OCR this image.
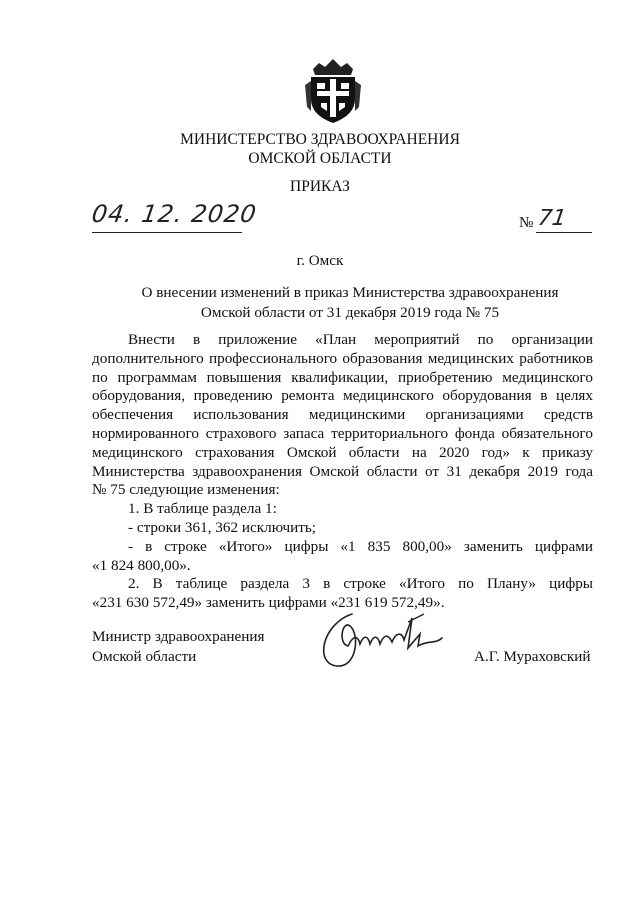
МИНИСТЕРСТВО ЗДРАВООХРАНЕНИЯ
ОМСКОЙ ОБЛАСТИ
ПРИКАЗ
04. 12. 2020	№ 71
г. Омск
О внесении изменений в приказ Министерства здравоохранения
Омской области от 31 декабря 2019 года № 75

Внести в приложение «План мероприятий по организации

дополнительного профессионального образования медицинских работников

по программам повышения квалификации, приобретению медицинского

оборудования, проведению ремонта медицинского оборудования в целях

обеспечения использования медицинскими организациями средств

нормированного страхового запаса территориального фонда обязательного

медицинского страхования Омской области на 2020 год» к приказу

Министерства здравоохранения Омской области от 31 декабря 2019 года

№ 75 следующие изменения:

1. В таблице раздела 1:

- строки 361, 362 исключить;

- в строке «Итого» цифры «1 835 800,00» заменить цифрами

«1 824 800,00».

2. В таблице раздела 3 в строке «Итого по Плану» цифры

«231 630 572,49» заменить цифрами «231 619 572,49».

Министр здравоохранения
Омской области	А.Г. Мураховский
